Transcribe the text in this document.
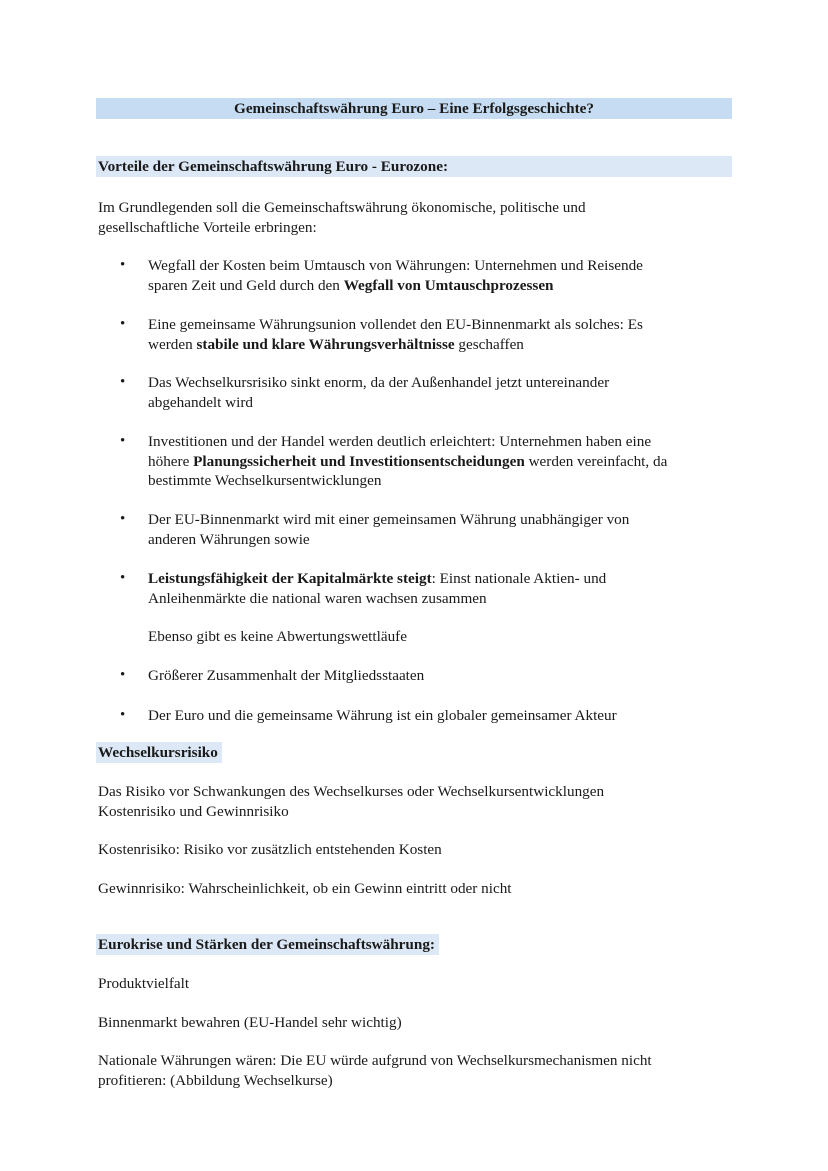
Gemeinschaftswährung Euro – Eine Erfolgsgeschichte?
Vorteile der Gemeinschaftswährung Euro - Eurozone:
Im Grundlegenden soll die Gemeinschaftswährung ökonomische, politische und
gesellschaftliche Vorteile erbringen:
•	Wegfall der Kosten beim Umtausch von Währungen: Unternehmen und Reisende
sparen Zeit und Geld durch den Wegfall von Umtauschprozessen
•	Eine gemeinsame Währungsunion vollendet den EU-Binnenmarkt als solches: Es
werden stabile und klare Währungsverhältnisse geschaffen
•	Das Wechselkursrisiko sinkt enorm, da der Außenhandel jetzt untereinander
abgehandelt wird
•	Investitionen und der Handel werden deutlich erleichtert: Unternehmen haben eine
höhere Planungssicherheit und Investitionsentscheidungen werden vereinfacht, da
bestimmte Wechselkursentwicklungen
•	Der EU-Binnenmarkt wird mit einer gemeinsamen Währung unabhängiger von
anderen Währungen sowie
•	Leistungsfähigkeit der Kapitalmärkte steigt: Einst nationale Aktien- und
Anleihenmärkte die national waren wachsen zusammen
Ebenso gibt es keine Abwertungswettläufe
•	Größerer Zusammenhalt der Mitgliedsstaaten
•	Der Euro und die gemeinsame Währung ist ein globaler gemeinsamer Akteur
Wechselkursrisiko
Das Risiko vor Schwankungen des Wechselkurses oder Wechselkursentwicklungen
Kostenrisiko und Gewinnrisiko
Kostenrisiko: Risiko vor zusätzlich entstehenden Kosten
Gewinnrisiko: Wahrscheinlichkeit, ob ein Gewinn eintritt oder nicht
Eurokrise und Stärken der Gemeinschaftswährung:
Produktvielfalt
Binnenmarkt bewahren (EU-Handel sehr wichtig)
Nationale Währungen wären: Die EU würde aufgrund von Wechselkursmechanismen nicht
profitieren: (Abbildung Wechselkurse)
